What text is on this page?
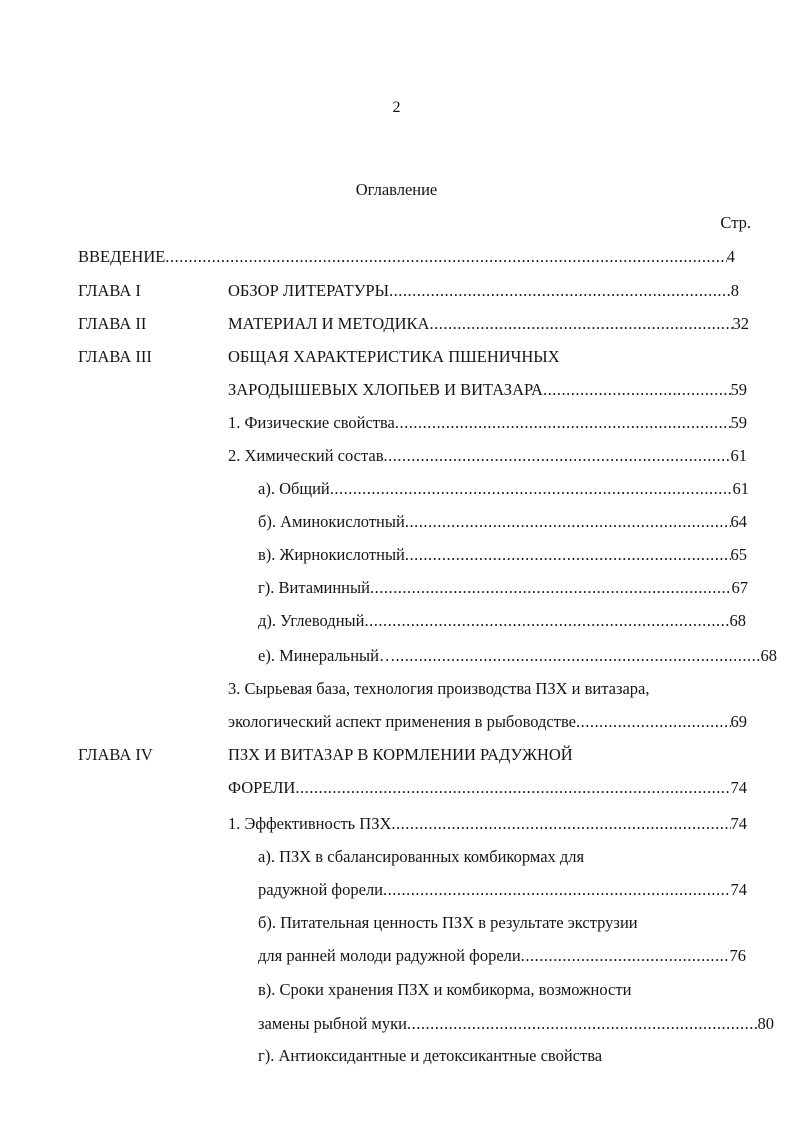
2
Оглавление
Стр.
ВВЕДЕНИЕ .....	4
ГЛАВА I	ОБЗОР ЛИТЕРАТУРЫ .....	8
ГЛАВА II	МАТЕРИАЛ И МЕТОДИКА .....	32
ГЛАВА III	ОБЩАЯ ХАРАКТЕРИСТИКА ПШЕНИЧНЫХ
ЗАРОДЫШЕВЫХ ХЛОПЬЕВ И ВИТАЗАРА .....	59
1. Физические свойства .....	59
2. Химический состав .....	61
а). Общий .....	61
б). Аминокислотный .....	64
в). Жирнокислотный .....	65
г). Витаминный .....	67
д). Углеводный .....	68
е). Минеральный… .....	68
3. Сырьевая база, технология производства ПЗХ и витазара,
экологический аспект применения в рыбоводстве .....	69
ГЛАВА IV	ПЗХ И ВИТАЗАР В КОРМЛЕНИИ РАДУЖНОЙ
ФОРЕЛИ .....	74
1. Эффективность ПЗХ .....	74
а). ПЗХ в сбалансированных комбикормах для
радужной форели .....	74
б). Питательная ценность ПЗХ в результате экструзии
для ранней молоди радужной форели .....	76
в). Сроки хранения ПЗХ и комбикорма, возможности
замены рыбной муки .....	80
г). Антиоксидантные и детоксикантные свойства
